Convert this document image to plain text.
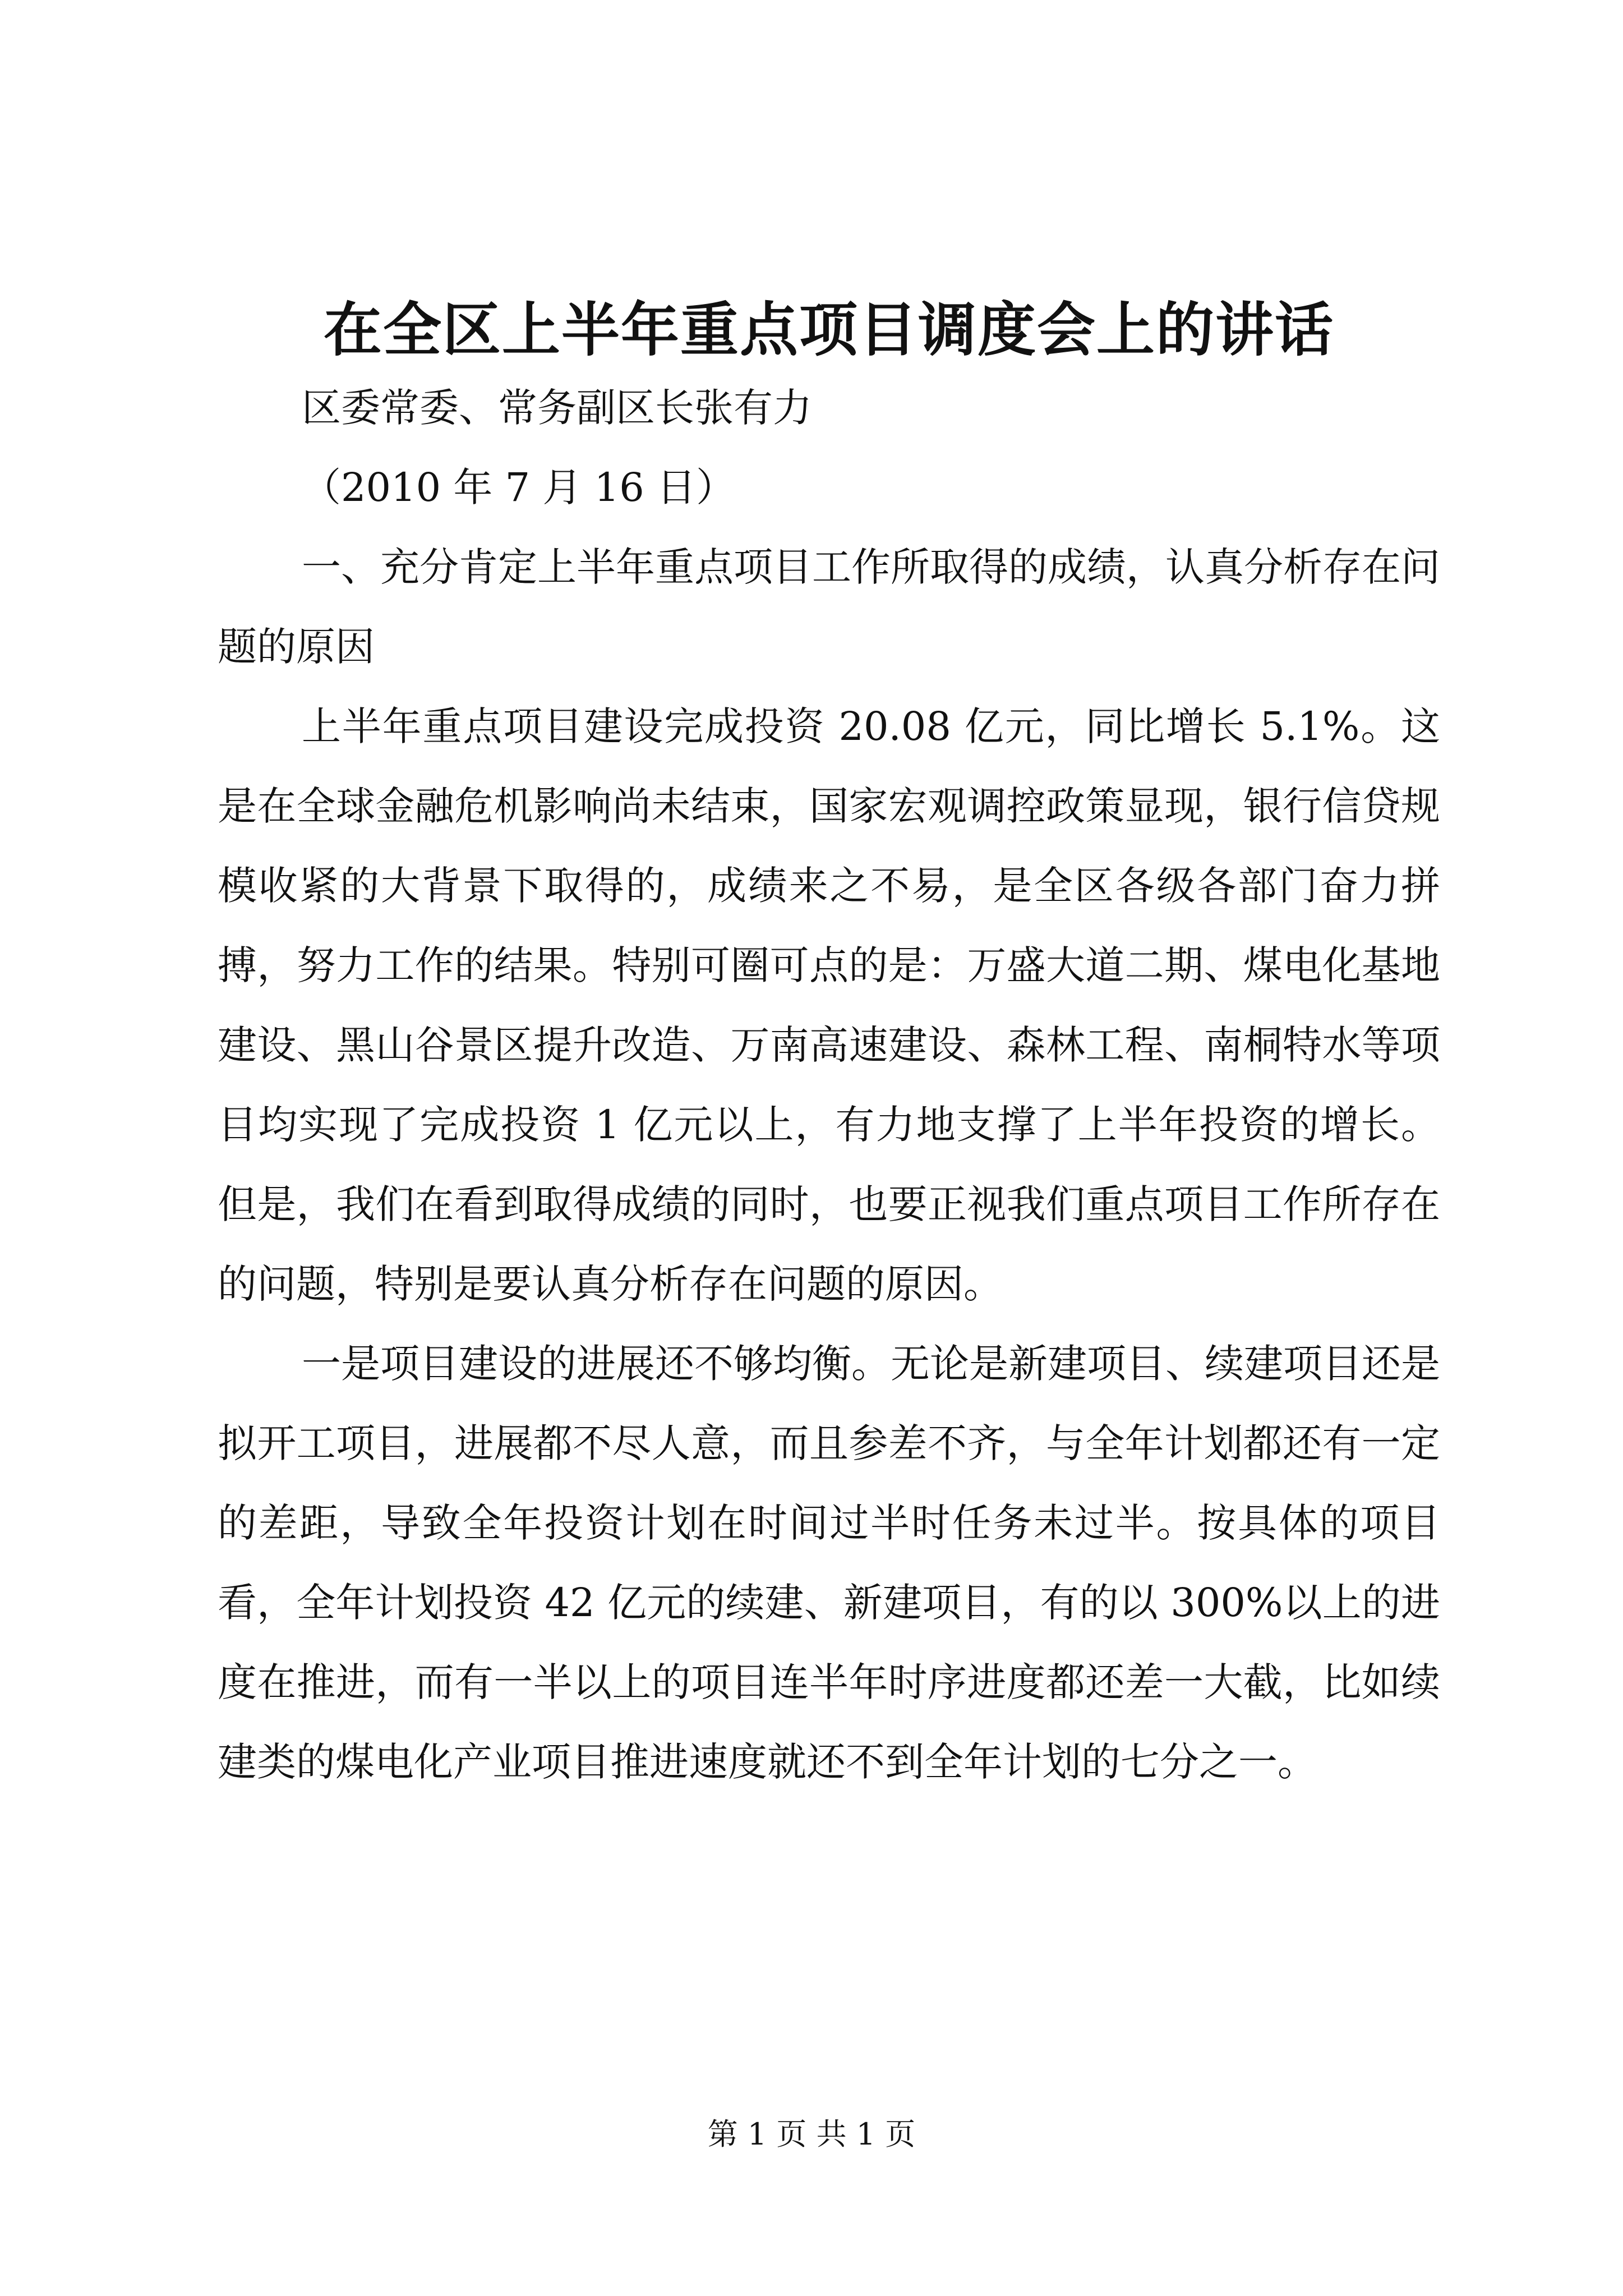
在全区上半年重点项目调度会上的讲话

区委常委、常务副区长张有力

（2010 年 7 月 16 日）

一、充分肯定上半年重点项目工作所取得的成绩，认真分析存在问题的原因

上半年重点项目建设完成投资 20.08 亿元，同比增长 5.1%。这是在全球金融危机影响尚未结束，国家宏观调控政策显现，银行信贷规模收紧的大背景下取得的，成绩来之不易，是全区各级各部门奋力拼搏，努力工作的结果。特别可圈可点的是：万盛大道二期、煤电化基地建设、黑山谷景区提升改造、万南高速建设、森林工程、南桐特水等项目均实现了完成投资 1 亿元以上，有力地支撑了上半年投资的增长。但是，我们在看到取得成绩的同时，也要正视我们重点项目工作所存在的问题，特别是要认真分析存在问题的原因。

一是项目建设的进展还不够均衡。无论是新建项目、续建项目还是拟开工项目，进展都不尽人意，而且参差不齐，与全年计划都还有一定的差距，导致全年投资计划在时间过半时任务未过半。按具体的项目看，全年计划投资 42 亿元的续建、新建项目，有的以 300%以上的进度在推进，而有一半以上的项目连半年时序进度都还差一大截，比如续建类的煤电化产业项目推进速度就还不到全年计划的七分之一。

第 1 页 共 1 页
